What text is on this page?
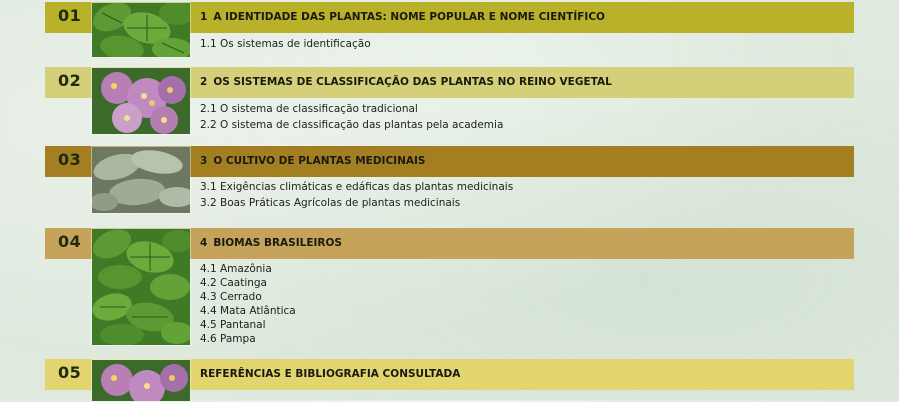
01	1 A IDENTIDADE DAS PLANTAS: NOME POPULAR E NOME CIENTÍFICO
1.1 Os sistemas de identificação
02	2 OS SISTEMAS DE CLASSIFICAÇÃO DAS PLANTAS NO REINO VEGETAL
2.1 O sistema de classificação tradicional
2.2 O sistema de classificação das plantas pela academia
03	3 O CULTIVO DE PLANTAS MEDICINAIS
3.1 Exigências climáticas e edáficas das plantas medicinais
3.2 Boas Práticas Agrícolas de plantas medicinais
04	4 BIOMAS BRASILEIROS
4.1 Amazônia
4.2 Caatinga
4.3 Cerrado
4.4 Mata Atlântica
4.5 Pantanal
4.6 Pampa
05	REFERÊNCIAS E BIBLIOGRAFIA CONSULTADA
